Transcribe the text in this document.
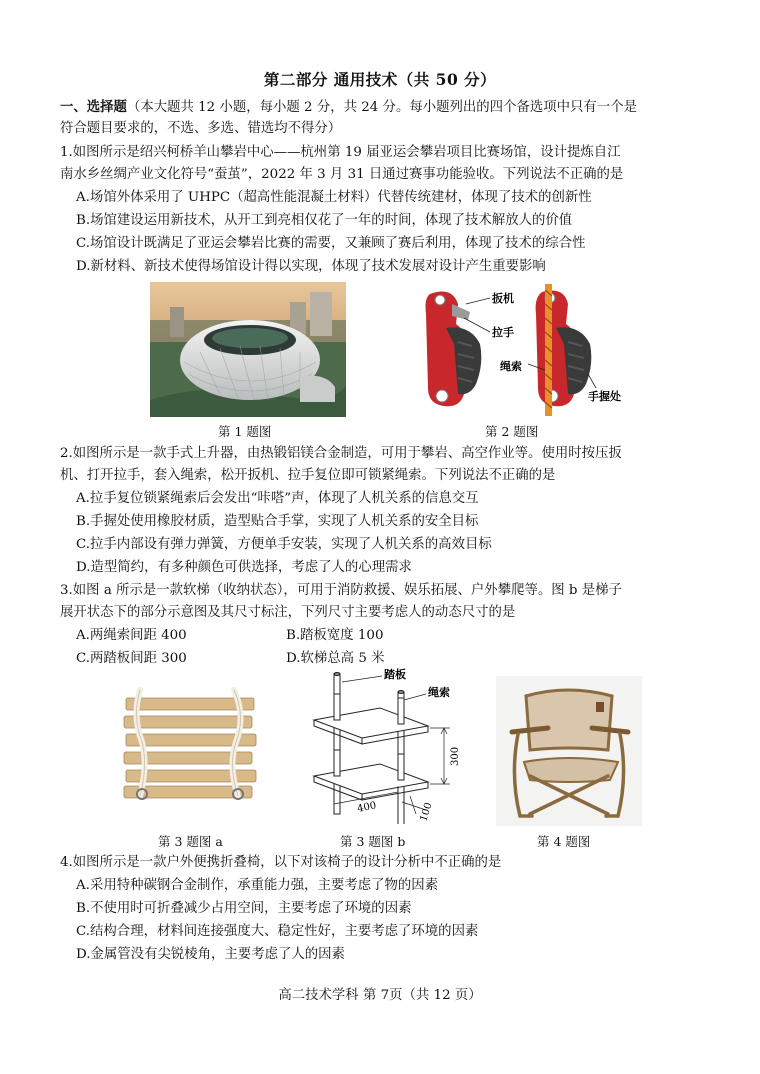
第二部分 通用技术（共 50 分）
一、选择题（本大题共 12 小题，每小题 2 分，共 24 分。每小题列出的四个备选项中只有一个是
符合题目要求的，不选、多选、错选均不得分）
1.如图所示是绍兴柯桥羊山攀岩中心——杭州第 19 届亚运会攀岩项目比赛场馆，设计提炼自江
南水乡丝绸产业文化符号“蚕茧”，2022 年 3 月 31 日通过赛事功能验收。下列说法不正确的是
A.场馆外体采用了 UHPC（超高性能混凝土材料）代替传统建材，体现了技术的创新性
B.场馆建设运用新技术，从开工到亮相仅花了一年的时间，体现了技术解放人的价值
C.场馆设计既满足了亚运会攀岩比赛的需要，又兼顾了赛后利用，体现了技术的综合性
D.新材料、新技术使得场馆设计得以实现，体现了技术发展对设计产生重要影响
扳机
拉手
绳索
手握处
第 1 题图	第 2 题图
2.如图所示是一款手式上升器，由热锻铝镁合金制造，可用于攀岩、高空作业等。使用时按压扳
机、打开拉手，套入绳索，松开扳机、拉手复位即可锁紧绳索。下列说法不正确的是
A.拉手复位锁紧绳索后会发出“咔嗒”声，体现了人机关系的信息交互
B.手握处使用橡胶材质，造型贴合手掌，实现了人机关系的安全目标
C.拉手内部设有弹力弹簧，方便单手安装，实现了人机关系的高效目标
D.造型简约，有多种颜色可供选择，考虑了人的心理需求
3.如图 a 所示是一款软梯（收纳状态），可用于消防救援、娱乐拓展、户外攀爬等。图 b 是梯子
展开状态下的部分示意图及其尺寸标注，下列尺寸主要考虑人的动态尺寸的是
A.两绳索间距 400	B.踏板宽度 100
C.两踏板间距 300	D.软梯总高 5 米
踏板
绳索
300
400	100
第 3 题图 a	第 3 题图 b	第 4 题图
4.如图所示是一款户外便携折叠椅，以下对该椅子的设计分析中不正确的是
A.采用特种碳钢合金制作，承重能力强，主要考虑了物的因素
B.不使用时可折叠减少占用空间，主要考虑了环境的因素
C.结构合理，材料间连接强度大、稳定性好，主要考虑了环境的因素
D.金属管没有尖锐棱角，主要考虑了人的因素
高二技术学科 第 7页（共 12 页）
